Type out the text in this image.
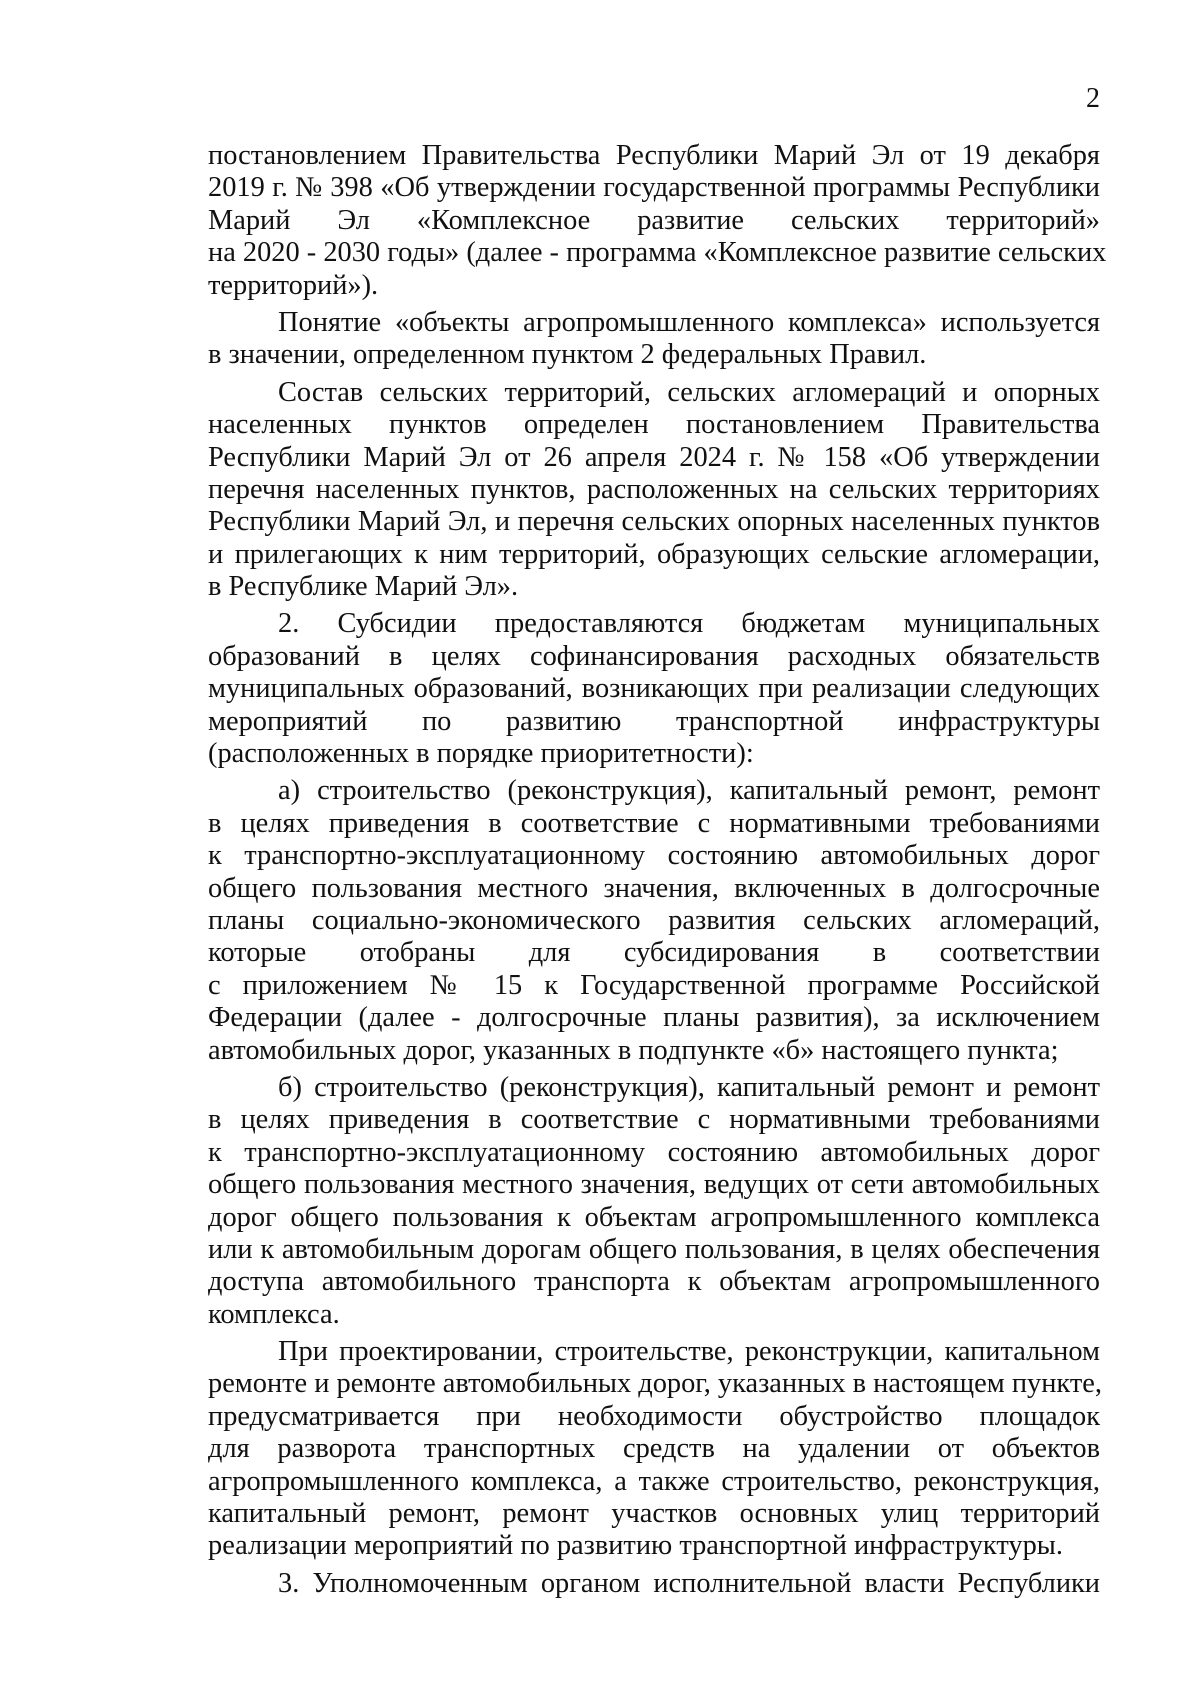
2
постановлением Правительства Республики Марий Эл от 19 декабря
2019 г. № 398 «Об утверждении государственной программы Республики
Марий Эл «Комплексное развитие сельских территорий»
на 2020 - 2030 годы» (далее - программа «Комплексное развитие сельских
территорий»).
Понятие «объекты агропромышленного комплекса» используется
в значении, определенном пунктом 2 федеральных Правил.
Состав сельских территорий, сельских агломераций и опорных
населенных пунктов определен постановлением Правительства
Республики Марий Эл от 26 апреля 2024 г. № 158 «Об утверждении
перечня населенных пунктов, расположенных на сельских территориях
Республики Марий Эл, и перечня сельских опорных населенных пунктов
и прилегающих к ним территорий, образующих сельские агломерации,
в Республике Марий Эл».
2. Субсидии предоставляются бюджетам муниципальных
образований в целях софинансирования расходных обязательств
муниципальных образований, возникающих при реализации следующих
мероприятий по развитию транспортной инфраструктуры
(расположенных в порядке приоритетности):
а) строительство (реконструкция), капитальный ремонт, ремонт
в целях приведения в соответствие с нормативными требованиями
к транспортно-эксплуатационному состоянию автомобильных дорог
общего пользования местного значения, включенных в долгосрочные
планы социально-экономического развития сельских агломераций,
которые отобраны для субсидирования в соответствии
с приложением № 15 к Государственной программе Российской
Федерации (далее - долгосрочные планы развития), за исключением
автомобильных дорог, указанных в подпункте «б» настоящего пункта;
б) строительство (реконструкция), капитальный ремонт и ремонт
в целях приведения в соответствие с нормативными требованиями
к транспортно-эксплуатационному состоянию автомобильных дорог
общего пользования местного значения, ведущих от сети автомобильных
дорог общего пользования к объектам агропромышленного комплекса
или к автомобильным дорогам общего пользования, в целях обеспечения
доступа автомобильного транспорта к объектам агропромышленного
комплекса.
При проектировании, строительстве, реконструкции, капитальном
ремонте и ремонте автомобильных дорог, указанных в настоящем пункте,
предусматривается при необходимости обустройство площадок
для разворота транспортных средств на удалении от объектов
агропромышленного комплекса, а также строительство, реконструкция,
капитальный ремонт, ремонт участков основных улиц территорий
реализации мероприятий по развитию транспортной инфраструктуры.
3. Уполномоченным органом исполнительной власти Республики
